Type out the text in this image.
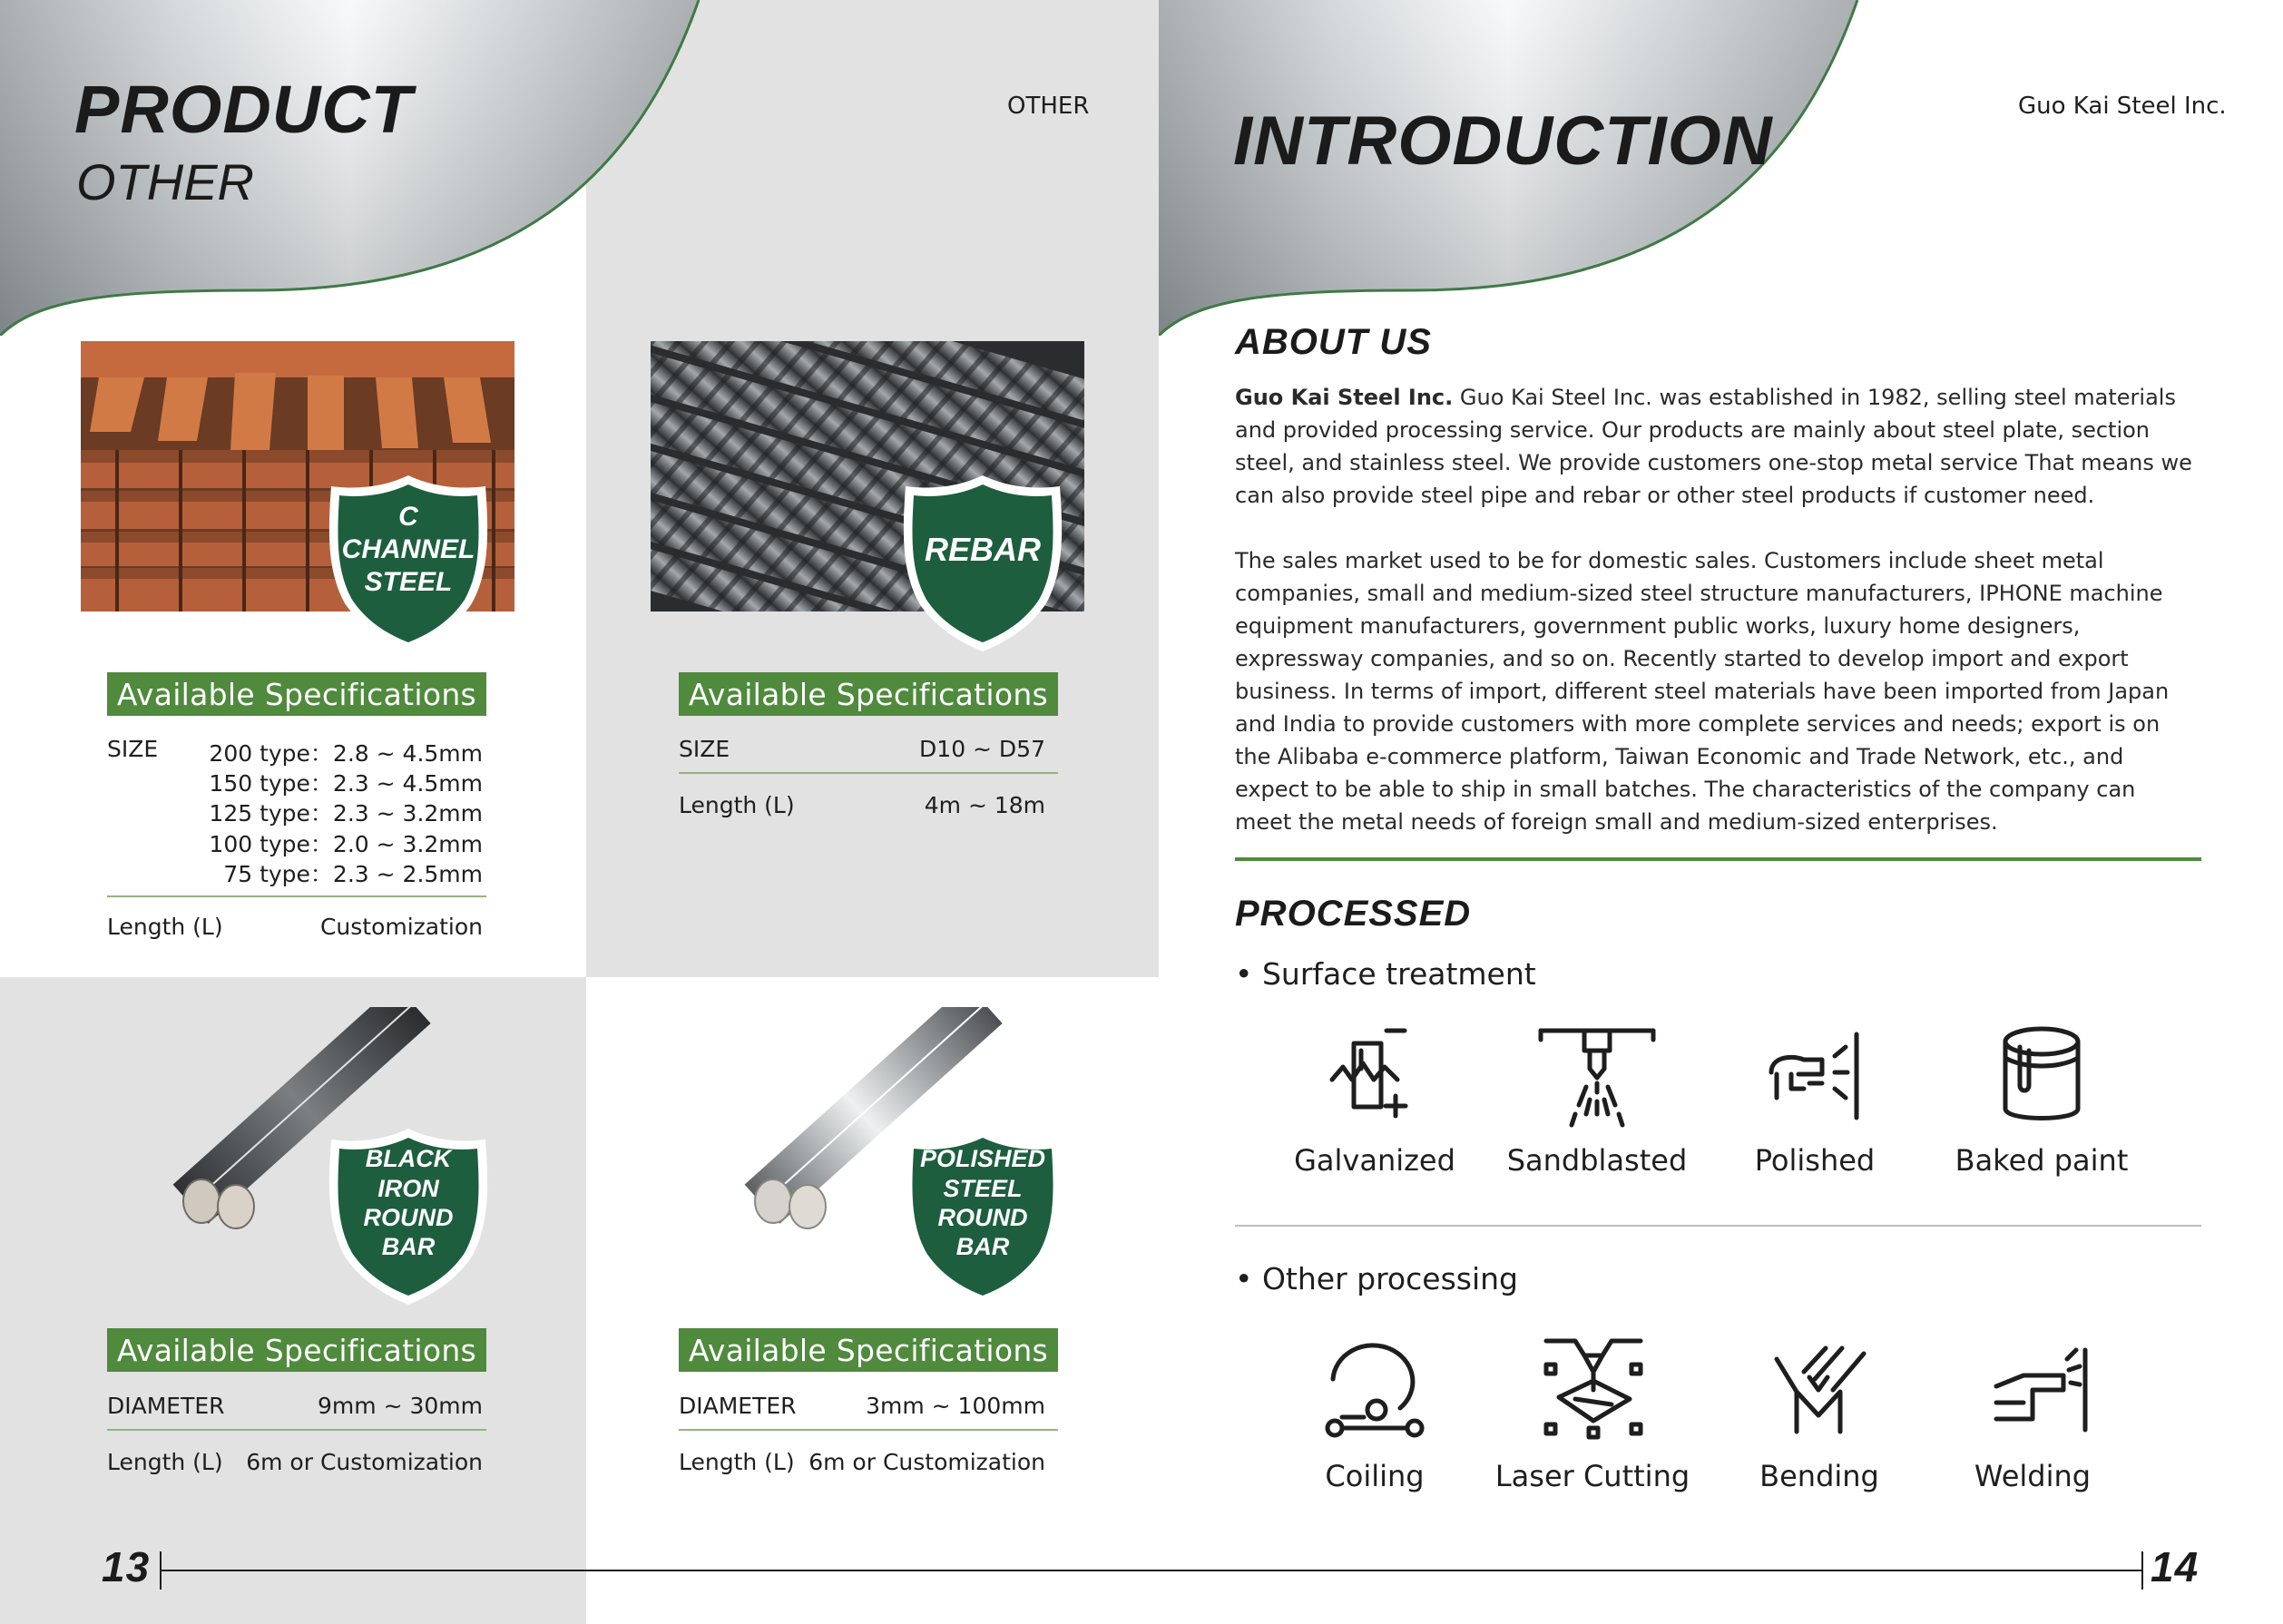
PRODUCT
OTHER
OTHER
C
CHANNEL
STEEL
Available Specifications
SIZE 200 type：2.8 ~ 4.5mm
150 type：2.3 ~ 4.5mm
125 type：2.3 ~ 3.2mm
100 type：2.0 ~ 3.2mm
75 type：2.3 ~ 2.5mm
Length (L)	Customization
REBAR
Available Specifications
SIZE	D10 ~ D57
Length (L)	4m ~ 18m
BLACK
IRON
ROUND
BAR
Available Specifications
DIAMETER	9mm ~ 30mm
Length (L) 6m or Customization
POLISHED
STEEL
ROUND
BAR
Available Specifications
DIAMETER	3mm ~ 100mm
Length (L) 6m or Customization
INTRODUCTION	Guo Kai Steel Inc.
ABOUT US
Guo Kai Steel Inc. Guo Kai Steel Inc. was established in 1982, selling steel materials and provided processing service. Our products are mainly about steel plate, section steel, and stainless steel. We provide customers one-stop metal service That means we can also provide steel pipe and rebar or other steel products if customer need.
The sales market used to be for domestic sales. Customers include sheet metal companies, small and medium-sized steel structure manufacturers, IPHONE machine equipment manufacturers, government public works, luxury home designers, expressway companies, and so on. Recently started to develop import and export business. In terms of import, different steel materials have been imported from Japan and India to provide customers with more complete services and needs; export is on the Alibaba e-commerce platform, Taiwan Economic and Trade Network, etc., and expect to be able to ship in small batches. The characteristics of the company can meet the metal needs of foreign small and medium-sized enterprises.
PROCESSED
• Surface treatment
Galvanized	Sandblasted	Polished	Baked paint
• Other processing
Coiling	Laser Cutting	Bending	Welding
13	14
